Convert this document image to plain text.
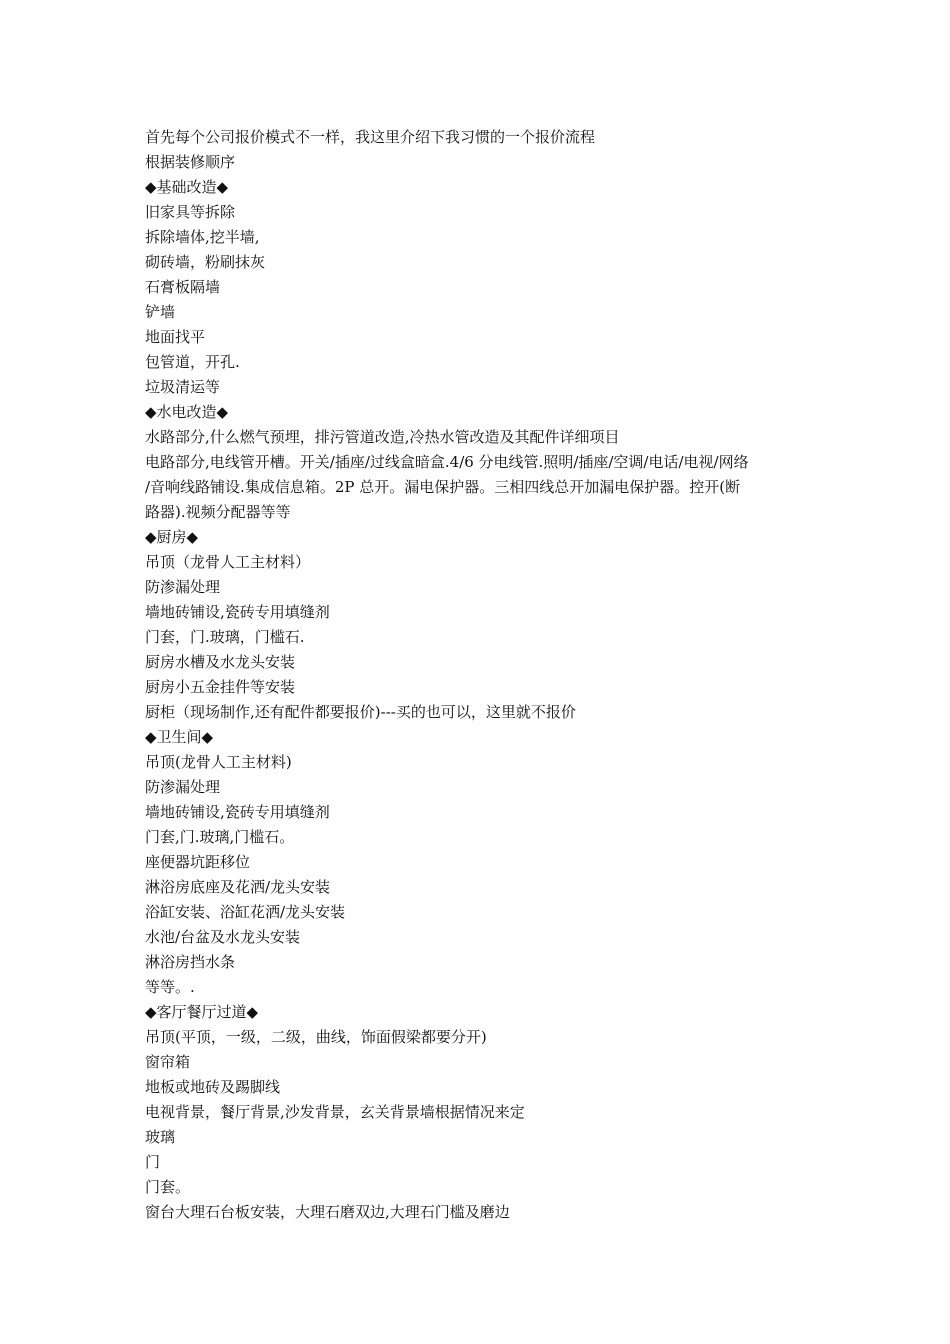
首先每个公司报价模式不一样，我这里介绍下我习惯的一个报价流程
根据装修顺序
◆基础改造◆
旧家具等拆除
拆除墙体,挖半墙,
砌砖墙，粉刷抹灰
石膏板隔墙
铲墙
地面找平
包管道，开孔.
垃圾清运等
◆水电改造◆
水路部分,什么燃气预埋，排污管道改造,冷热水管改造及其配件详细项目
电路部分,电线管开槽。开关/插座/过线盒暗盒.4/6 分电线管.照明/插座/空调/电话/电视/网络
/音响线路铺设.集成信息箱。2P 总开。漏电保护器。三相四线总开加漏电保护器。控开(断
路器).视频分配器等等
◆厨房◆
吊顶（龙骨人工主材料）
防渗漏处理
墙地砖铺设,瓷砖专用填缝剂
门套，门.玻璃，门槛石.
厨房水槽及水龙头安装
厨房小五金挂件等安装
厨柜（现场制作,还有配件都要报价)---买的也可以，这里就不报价
◆卫生间◆
吊顶(龙骨人工主材料)
防渗漏处理
墙地砖铺设,瓷砖专用填缝剂
门套,门.玻璃,门槛石。
座便器坑距移位
淋浴房底座及花洒/龙头安装
浴缸安装、浴缸花洒/龙头安装
水池/台盆及水龙头安装
淋浴房挡水条
等等。.
◆客厅餐厅过道◆
吊顶(平顶，一级，二级，曲线，饰面假梁都要分开)
窗帘箱
地板或地砖及踢脚线
电视背景，餐厅背景,沙发背景，玄关背景墙根据情况来定
玻璃
门
门套。
窗台大理石台板安装，大理石磨双边,大理石门槛及磨边
